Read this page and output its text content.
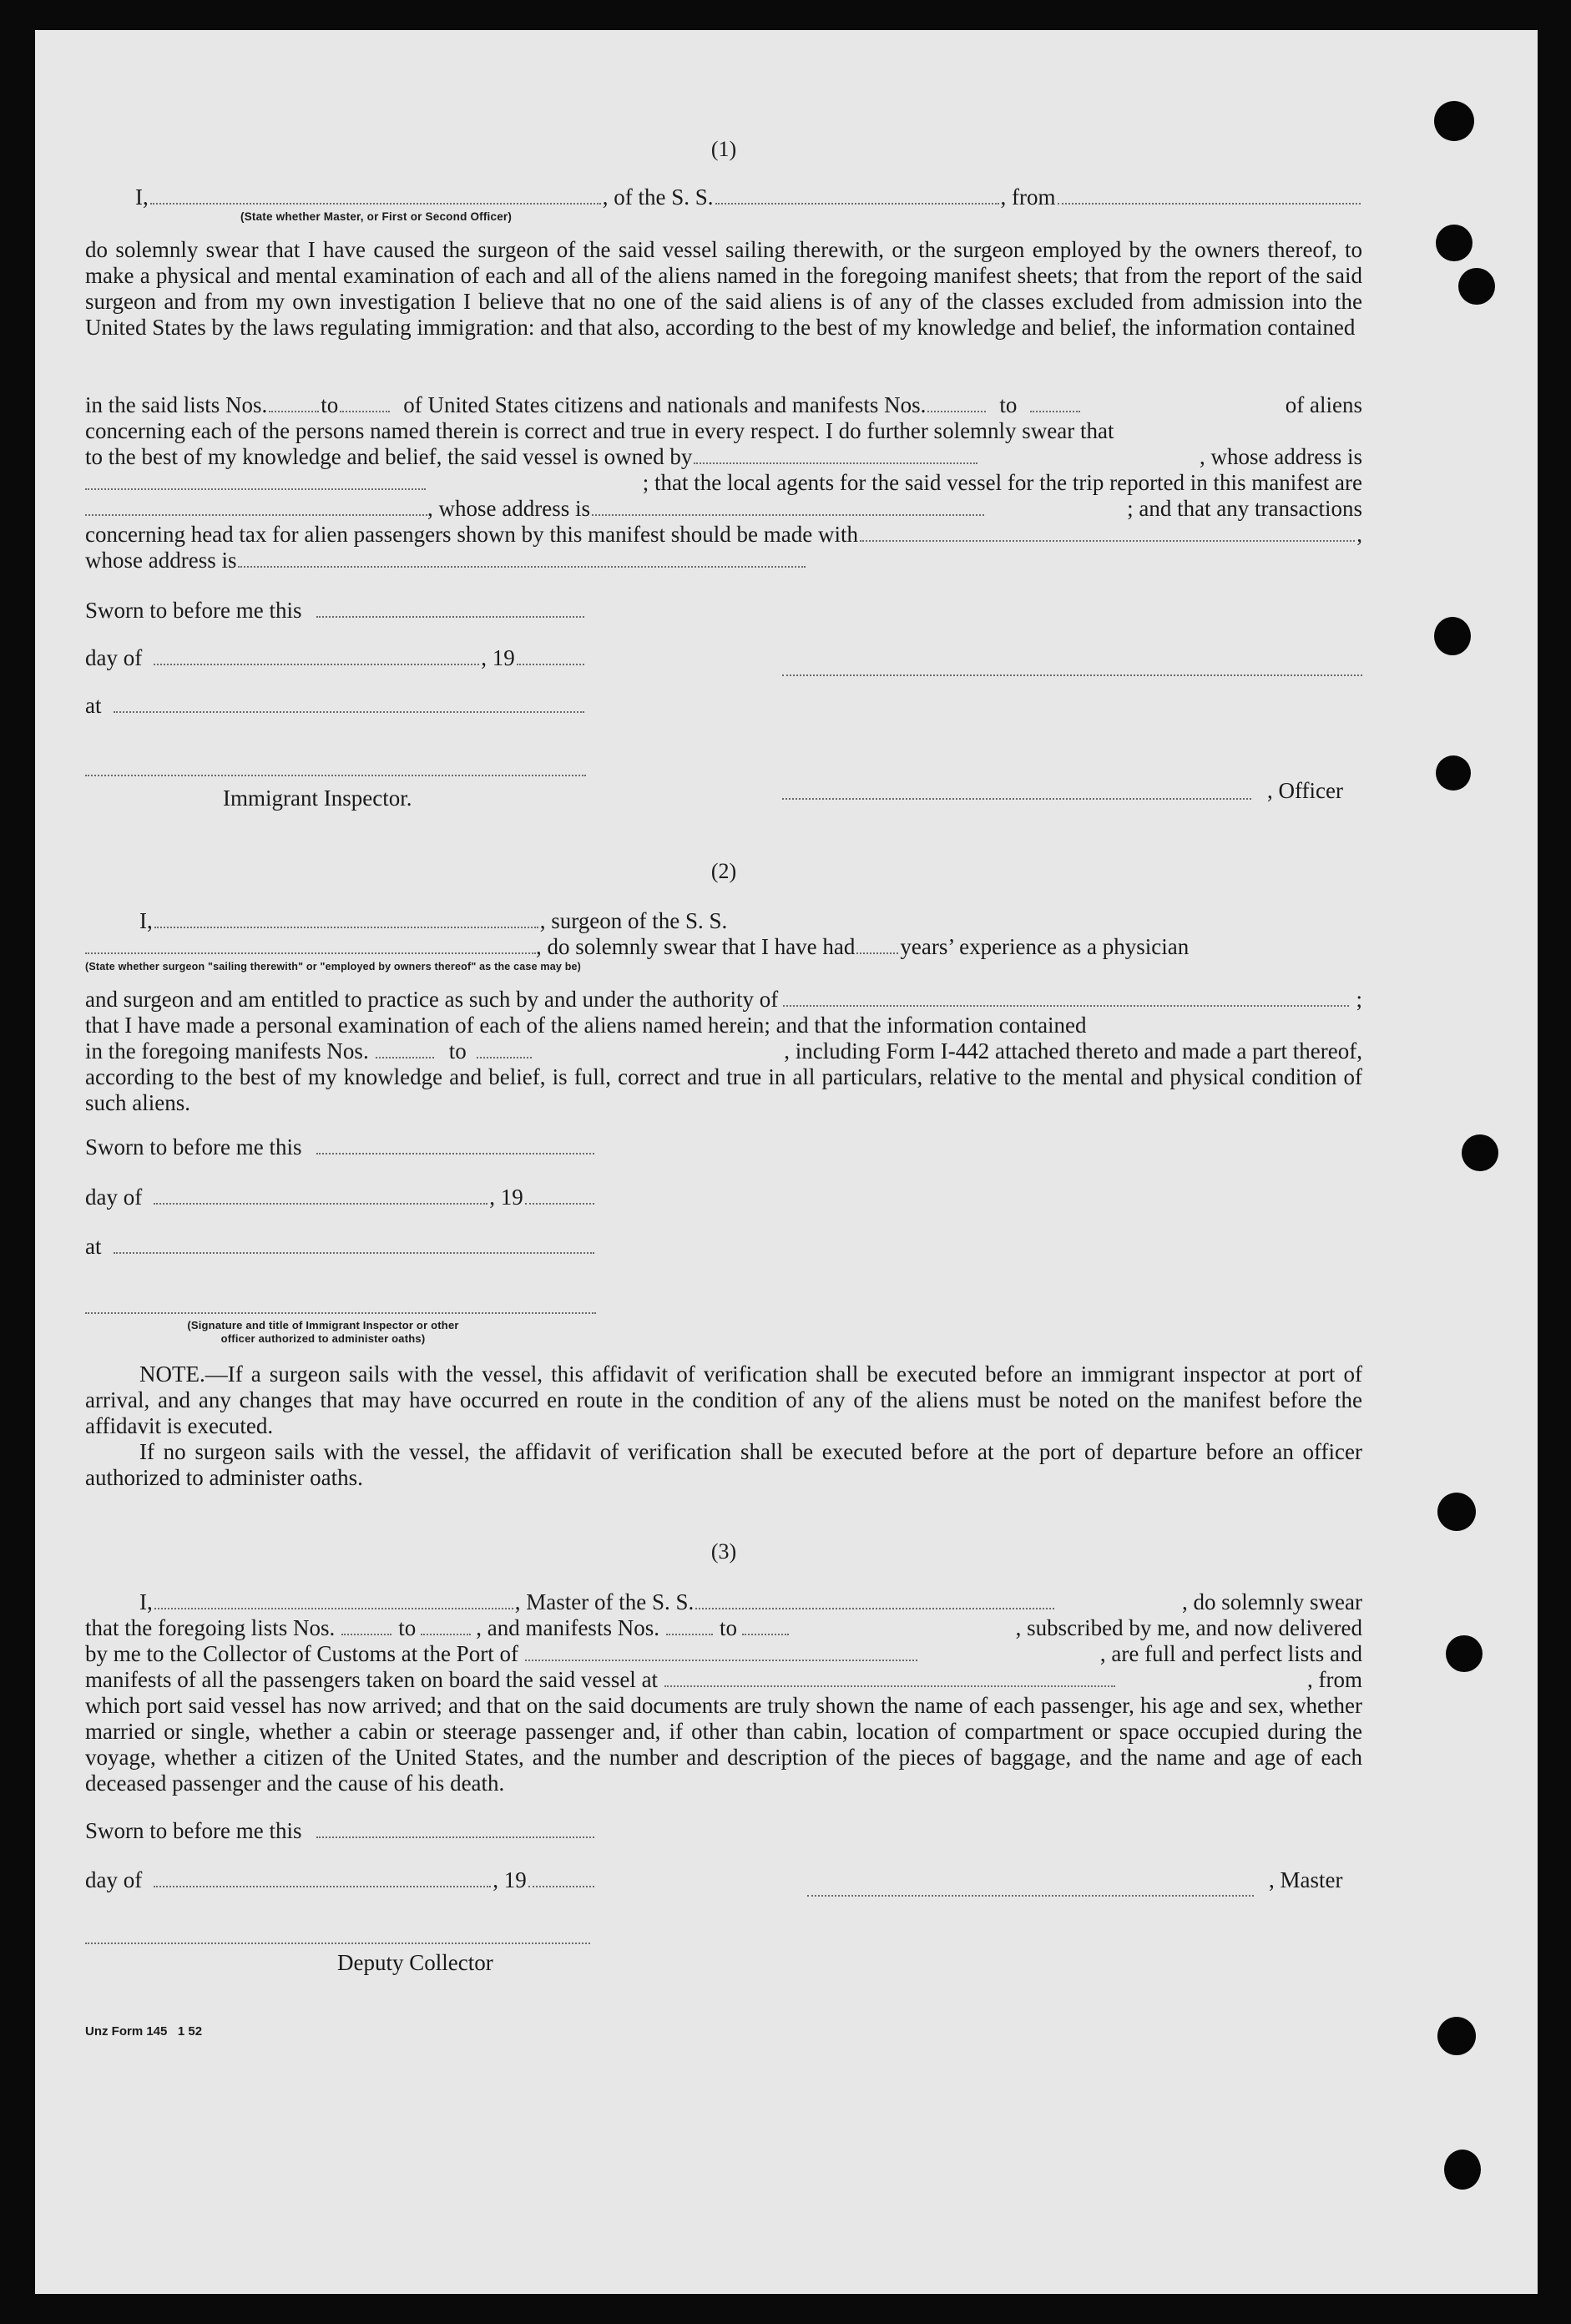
(1)
I,	, of the S. S.	, from
(State whether Master, or First or Second Officer)

do solemnly swear that I have caused the surgeon of the said vessel sailing therewith, or the surgeon employed by the owners thereof, to make a physical and mental examination of each and all of the aliens named in the foregoing manifest sheets; that from the report of the said surgeon and from my own investigation I believe that no one of the said aliens is of any of the classes excluded from admission into the United States by the laws regulating immigration: and that also, according to the best of my knowledge and belief, the information contained

in the said lists Nos. to	of United States citizens and nationals and manifests Nos.	to	of aliens

concerning each of the persons named therein is correct and true in every respect. I do further solemnly swear that

to the best of my knowledge and belief, the said vessel is owned by	, whose address is
; that the local agents for the said vessel for the trip reported in this manifest are
, whose address is	; and that any transactions
concerning head tax for alien passengers shown by this manifest should be made with	,
whose address is
Sworn to before me this
day of	, 19
at
Immigrant Inspector.	, Officer
(2)
I,	, surgeon of the S. S.
, do solemnly swear that I have had years’ experience as a physician
(State whether surgeon "sailing therewith" or "employed by owners thereof" as the case may be)
and surgeon and am entitled to practice as such by and under the authority of	;

that I have made a personal examination of each of the aliens named herein; and that the information contained

in the foregoing manifests Nos.	to	, including Form I-442 attached thereto and made a part thereof,

according to the best of my knowledge and belief, is full, correct and true in all particulars, relative to the mental and physical condition of such aliens.

Sworn to before me this
day of	, 19
at
(Signature and title of Immigrant Inspector or other
officer authorized to administer oaths)

NOTE.—If a surgeon sails with the vessel, this affidavit of verification shall be executed before an immigrant inspector at port of arrival, and any changes that may have occurred en route in the condition of any of the aliens must be noted on the manifest before the affidavit is executed.

If no surgeon sails with the vessel, the affidavit of verification shall be executed before at the port of departure before an officer authorized to administer oaths.

(3)
I,	, Master of the S. S.	, do solemnly swear
that the foregoing lists Nos.	to	, and manifests Nos.	to	, subscribed by me, and now delivered
by me to the Collector of Customs at the Port of	, are full and perfect lists and
manifests of all the passengers taken on board the said vessel at	, from

which port said vessel has now arrived; and that on the said documents are truly shown the name of each passenger, his age and sex, whether married or single, whether a cabin or steerage passenger and, if other than cabin, location of compartment or space occupied during the voyage, whether a citizen of the United States, and the number and description of the pieces of baggage, and the name and age of each deceased passenger and the cause of his death.

Sworn to before me this
day of	, 19	, Master
Deputy Collector
Unz Form 145   1 52
